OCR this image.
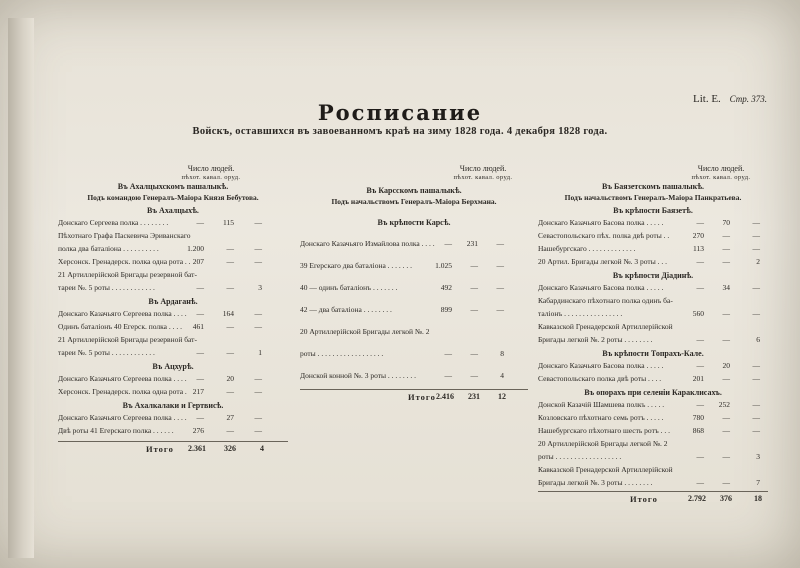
Росписание
Войскъ, оставшихся въ завоеванномъ краѣ на зиму 1828 года. 4 декабря 1828 года.
Lit. E. Стр. 373.
Число людей.
пѣхот. кавал. оруд.
Въ Ахалцыхскомъ пашалыкѣ.
Подъ командою Генералъ-Маiора Князя Бебутова.
Въ Ахалцыхѣ.
Донскаго Сергеева полка . . . . . . . .	—	115	—
Пѣхотнаго Графа Паскевича Эриванскаго
полка два баталiона . . . . . . . . . .	1.200	—	—
Херсонск. Гренадерск. полка одна рота . . 207	—	—
21 Артиллерiйской Бригады резервной бат-
тареи №. 5 роты . . . . . . . . . . . .	—	—	3
Въ Ардаганѣ.
Донскаго Казачьяго Сергеева полка . . . .	—	164	—
Одинъ баталiонъ 40 Егерск. полка . . . .	461	—	—
21 Артиллерiйской Бригады резервной бат-
тареи №. 5 роты . . . . . . . . . . . .	—	—	1
Въ Ацхурѣ.
Донскаго Казачьяго Сергеева полка . . . .	—	20	—
Херсонск. Гренадерск. полка одна рота . 217	—	—
Въ Ахалкалаки и Гертвисѣ.
Донскаго Казачьяго Сергеева полка . . . .	—	27	—
Двѣ роты 41 Егерскаго полка . . . . . .	276	—	—
Итого	2.361	326	4
Число людей.
пѣхот. кавал. оруд.
Въ Карсскомъ пашалыкѣ.
Подъ начальствомъ Генералъ-Маiора Берхмана.
Въ крѣпости Карсѣ.
Донскаго Казачьяго Измайлова полка . . . .	—	231	—
39 Егерскаго два баталiона . . . . . . .	1.025	—	—
40 — одинъ баталiонъ . . . . . . .	492	—	—
42 — два баталiона . . . . . . . .	899	—	—
20 Артиллерiйской Бригады легкой №. 2
роты . . . . . . . . . . . . . . . . . .	—	—	8
Донской конной №. 3 роты . . . . . . . .	—	—	4
Итого 2.416	231	12
Число людей.
пѣхот. кавал. оруд.
Въ Баязетскомъ пашалыкѣ.
Подъ начальствомъ Генералъ-Маiора Панкратьева.
Въ крѣпости Баязетѣ.
Донскаго Казачьяго Басова полка . . . . .	—	70	—
Севастопольскаго пѣх. полка двѣ роты . .	270	—	—
Нашебургскаго . . . . . . . . . . . . .	113	—	—
20 Артил. Бригады легкой №. 3 роты . . .	—	—	2
Въ крѣпости Дiадинѣ.
Донскаго Казачьяго Басова полка . . . . .	—	34	—
Кабардинскаго пѣхотнаго полка одинъ ба-
таліонъ . . . . . . . . . . . . . . . .	560	—	—
Кавказской Гренадерской Артиллерiйской
Бригады легкой №. 2 роты . . . . . . . .	—	—	6
Въ крѣпости Топрахъ-Кале.
Донскаго Казачьяго Басова полка . . . . .	—	20	—
Севастопольскаго полка двѣ роты . . . .	201	—	—
Въ опорахъ при селенiи Караклисахъ.
Донской Казачiй Шамшева полкъ . . . . .	—	252	—
Козловскаго пѣхотнаго семь ротъ . . . . .	780	—	—
Нашебургскаго пѣхотнаго шесть ротъ . . .	868	—	—
20 Артиллерiйской Бригады легкой №. 2
роты . . . . . . . . . . . . . . . . . .	—	—	3
Кавказской Гренадерской Артиллерiйской
Бригады легкой №. 3 роты . . . . . . . .	—	—	7
Итого	2.792	376	18
